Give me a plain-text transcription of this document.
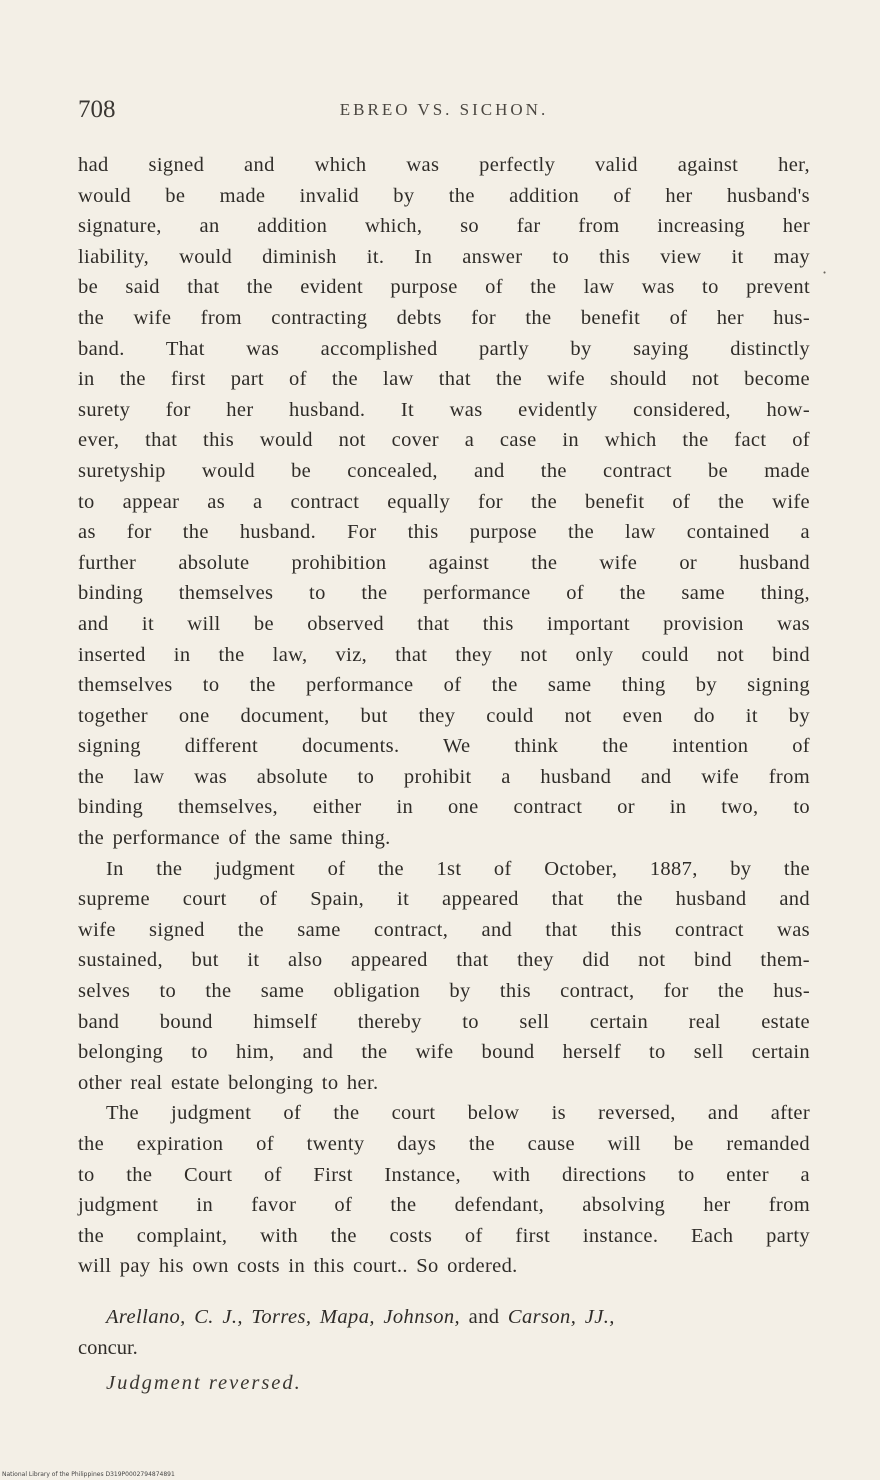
708	EBREO VS. SICHON.
·
had signed and which was perfectly valid against her,
would be made invalid by the addition of her husband's
signature, an addition which, so far from increasing her
liability, would diminish it. In answer to this view it may
be said that the evident purpose of the law was to prevent
the wife from contracting debts for the benefit of her hus-
band. That was accomplished partly by saying distinctly
in the first part of the law that the wife should not become
surety for her husband. It was evidently considered, how-
ever, that this would not cover a case in which the fact of
suretyship would be concealed, and the contract be made
to appear as a contract equally for the benefit of the wife
as for the husband. For this purpose the law contained a
further absolute prohibition against the wife or husband
binding themselves to the performance of the same thing,
and it will be observed that this important provision was
inserted in the law, viz, that they not only could not bind
themselves to the performance of the same thing by signing
together one document, but they could not even do it by
signing different documents. We think the intention of
the law was absolute to prohibit a husband and wife from
binding themselves, either in one contract or in two, to
the performance of the same thing.
In the judgment of the 1st of October, 1887, by the
supreme court of Spain, it appeared that the husband and
wife signed the same contract, and that this contract was
sustained, but it also appeared that they did not bind them-
selves to the same obligation by this contract, for the hus-
band bound himself thereby to sell certain real estate
belonging to him, and the wife bound herself to sell certain
other real estate belonging to her.
The judgment of the court below is reversed, and after
the expiration of twenty days the cause will be remanded
to the Court of First Instance, with directions to enter a
judgment in favor of the defendant, absolving her from
the complaint, with the costs of first instance. Each party
will pay his own costs in this court.. So ordered.
Arellano, C. J., Torres, Mapa, Johnson, and Carson, JJ.,
concur.
Judgment reversed.
National Library of the Philippines D319P0002794874891
